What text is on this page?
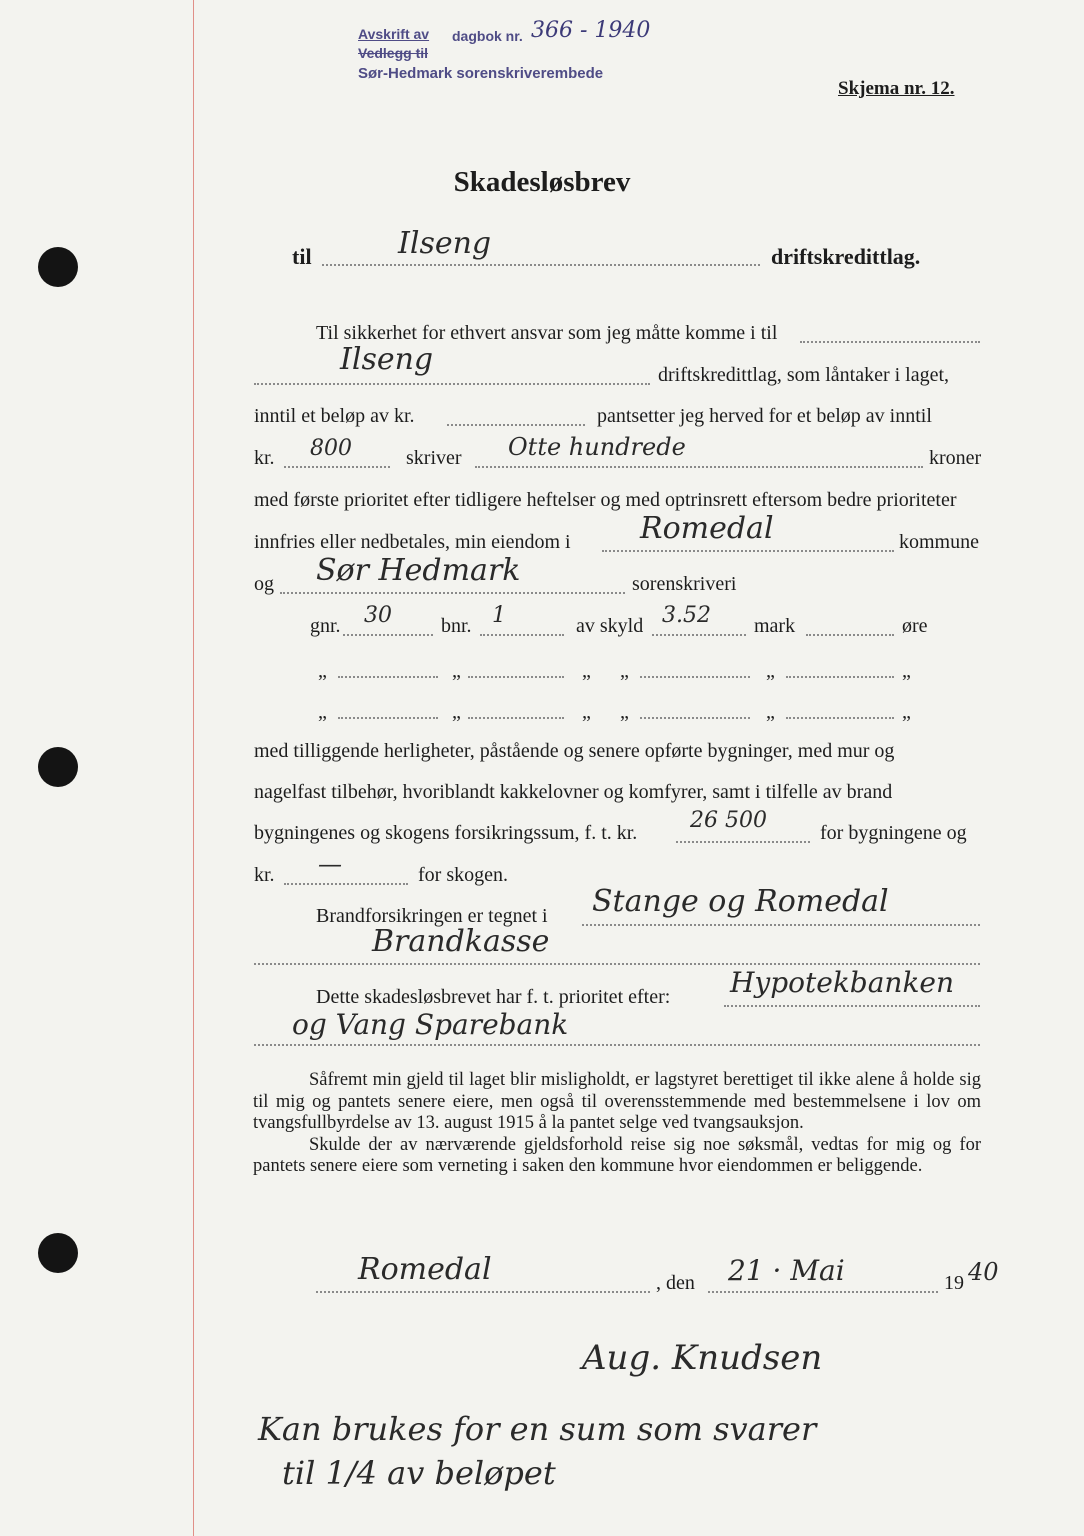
Avskrift av dagbok nr.
Vedlegg til
Sør-Hedmark sorenskriverembede
366 - 1940
Skjema nr. 12.
Skadesløsbrev
til	Ilseng	driftskredittlag.
Til sikkerhet for ethvert ansvar som jeg måtte komme i til
Ilseng	driftskredittlag, som låntaker i laget,
inntil et beløp av kr.	pantsetter jeg herved for et beløp av inntil
kr. 800	skriver Otte hundrede	kroner
med første prioritet efter tidligere heftelser og med optrinsrett eftersom bedre prioriteter
innfries eller nedbetales, min eiendom i Romedal	kommune
og Sør Hedmark	sorenskriveri
gnr. 30 bnr. 1	av skyld 3.52 mark	øre
„	„	„ „	„	„
„	„	„ „	„	„
med tilliggende herligheter, påstående og senere opførte bygninger, med mur og
nagelfast tilbehør, hvoriblandt kakkelovner og komfyrer, samt i tilfelle av brand
bygningenes og skogens forsikringssum, f. t. kr. 26 500	for bygningene og
kr. —	for skogen.
Brandforsikringen er tegnet i Stange og Romedal
Brandkasse
Dette skadesløsbrevet har f. t. prioritet efter: Hypotekbanken
og Vang Sparebank

Såfremt min gjeld til laget blir misligholdt, er lagstyret berettiget til ikke alene å holde sig til mig og pantets senere eiere, men også til overensstemmende med bestemmelsene i lov om tvangsfullbyrdelse av 13. august 1915 å la pantet selge ved tvangsauksjon.

Skulde der av nærværende gjeldsforhold reise sig noe søksmål, vedtas for mig og for pantets senere eiere som verneting i saken den kommune hvor eiendommen er beliggende.

Romedal	, den 21 · Mai	19 40
Aug. Knudsen
Kan brukes for en sum som svarer
til 1/4 av beløpet
